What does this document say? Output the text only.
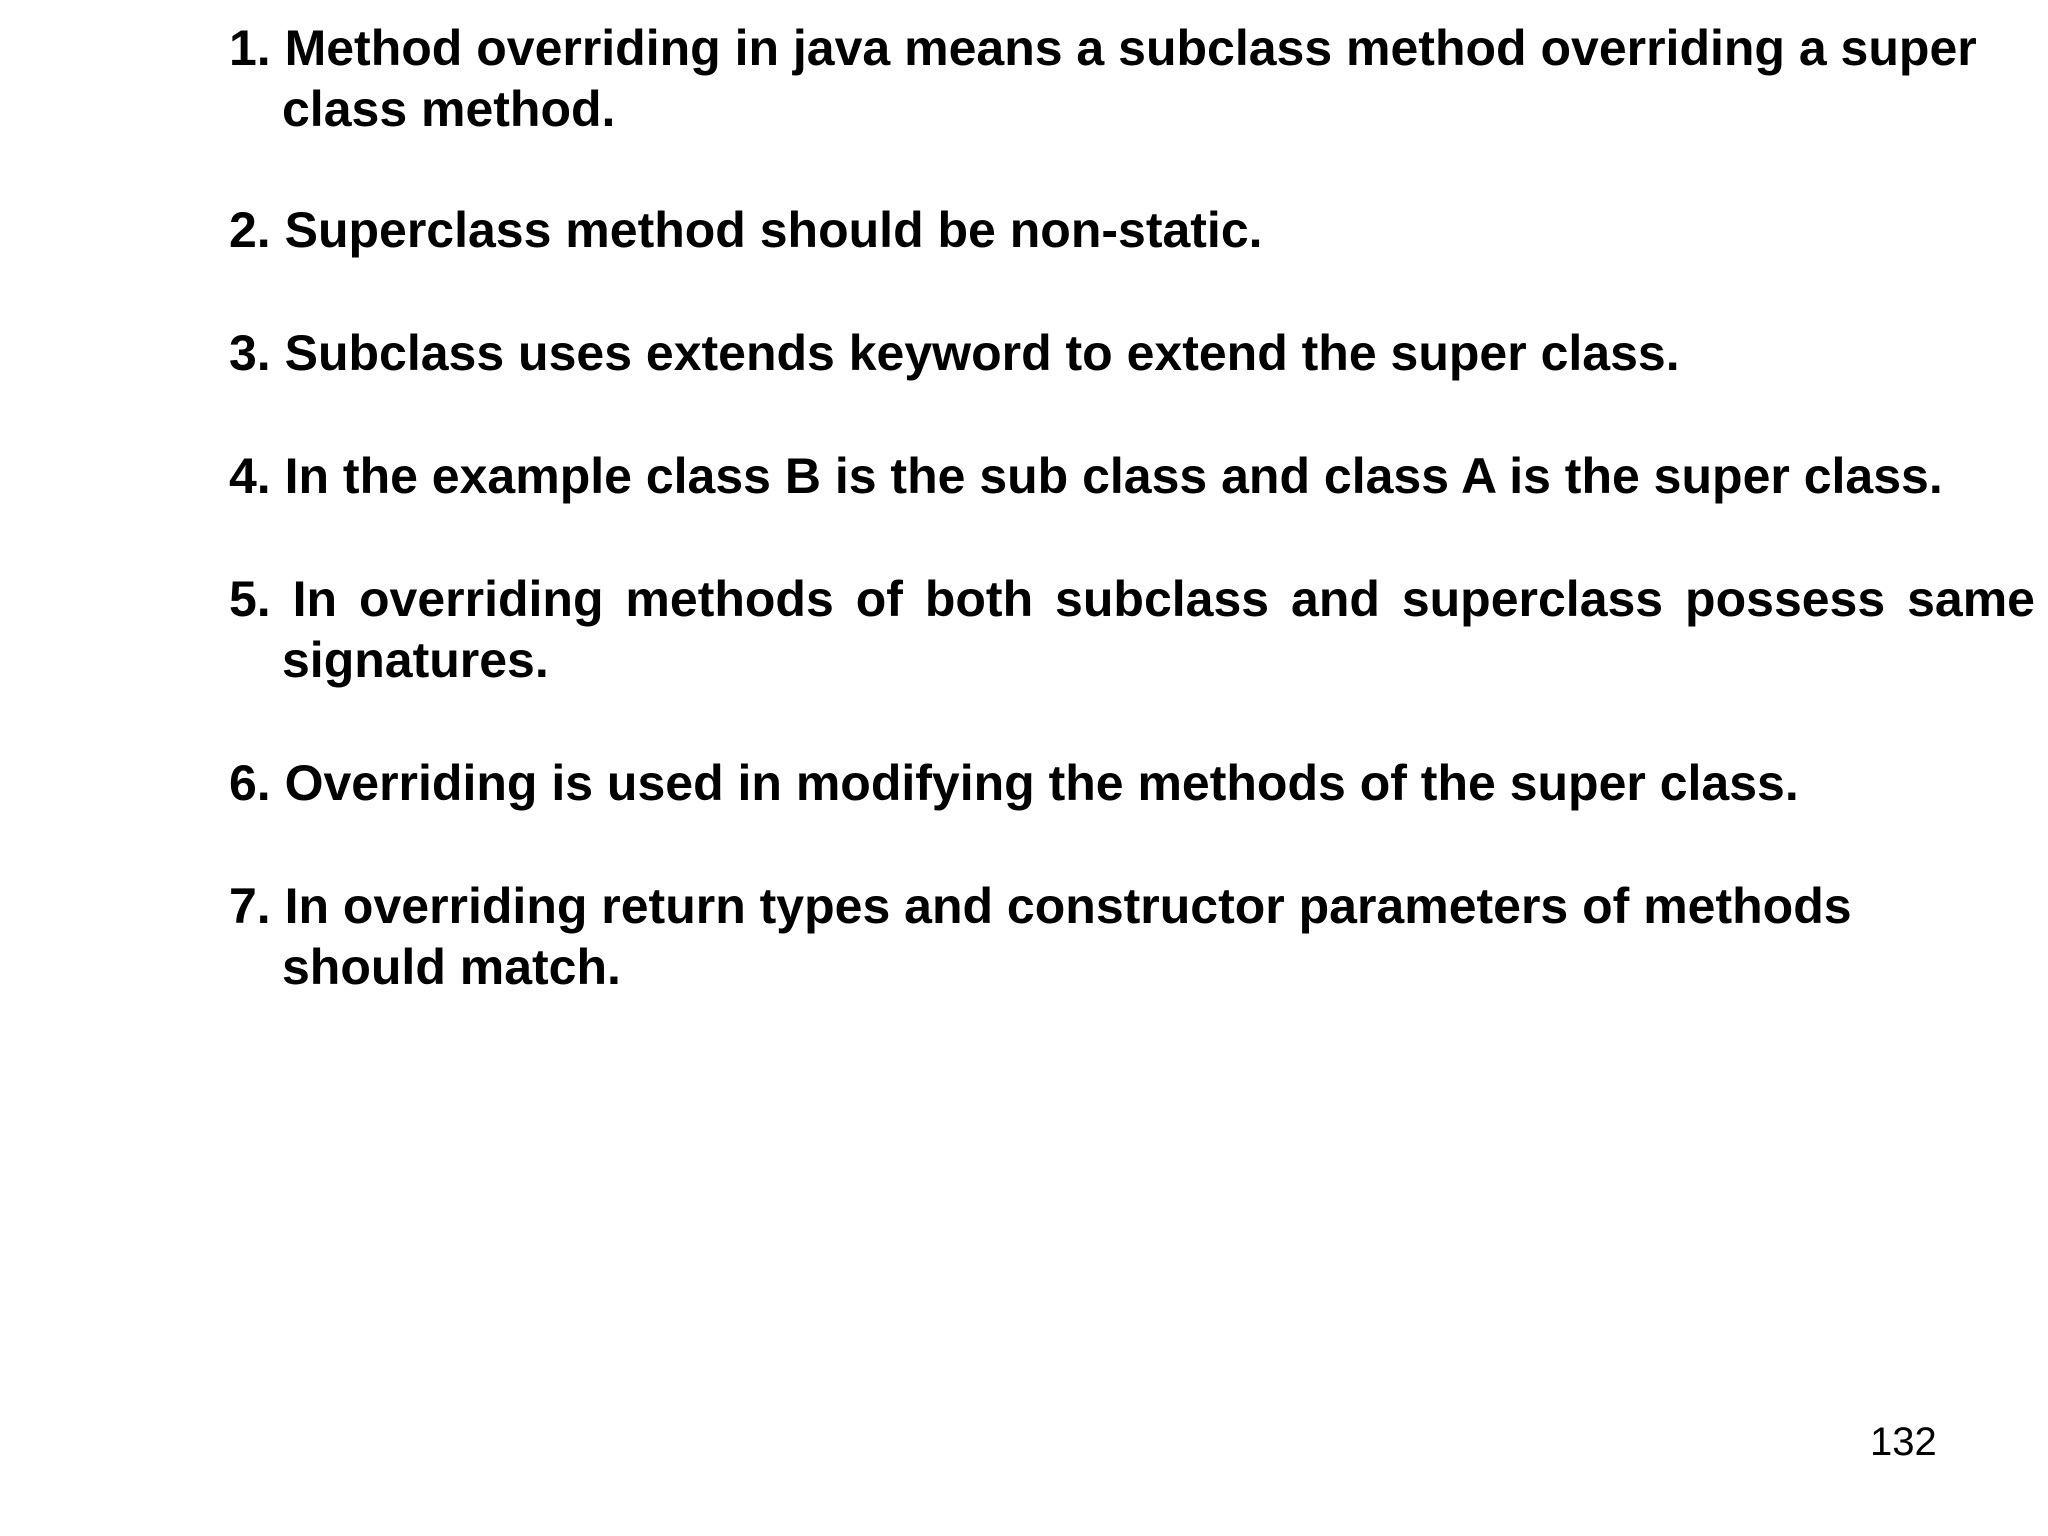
1. Method overriding in java means a subclass method overriding a super
class method.
2. Superclass method should be non-static.
3. Subclass uses extends keyword to extend the super class.
4. In the example class B is the sub class and class A is the super class.
5. In overriding methods of both subclass and superclass possess same
signatures.
6. Overriding is used in modifying the methods of the super class.
7. In overriding return types and constructor parameters of methods
should match.
132
